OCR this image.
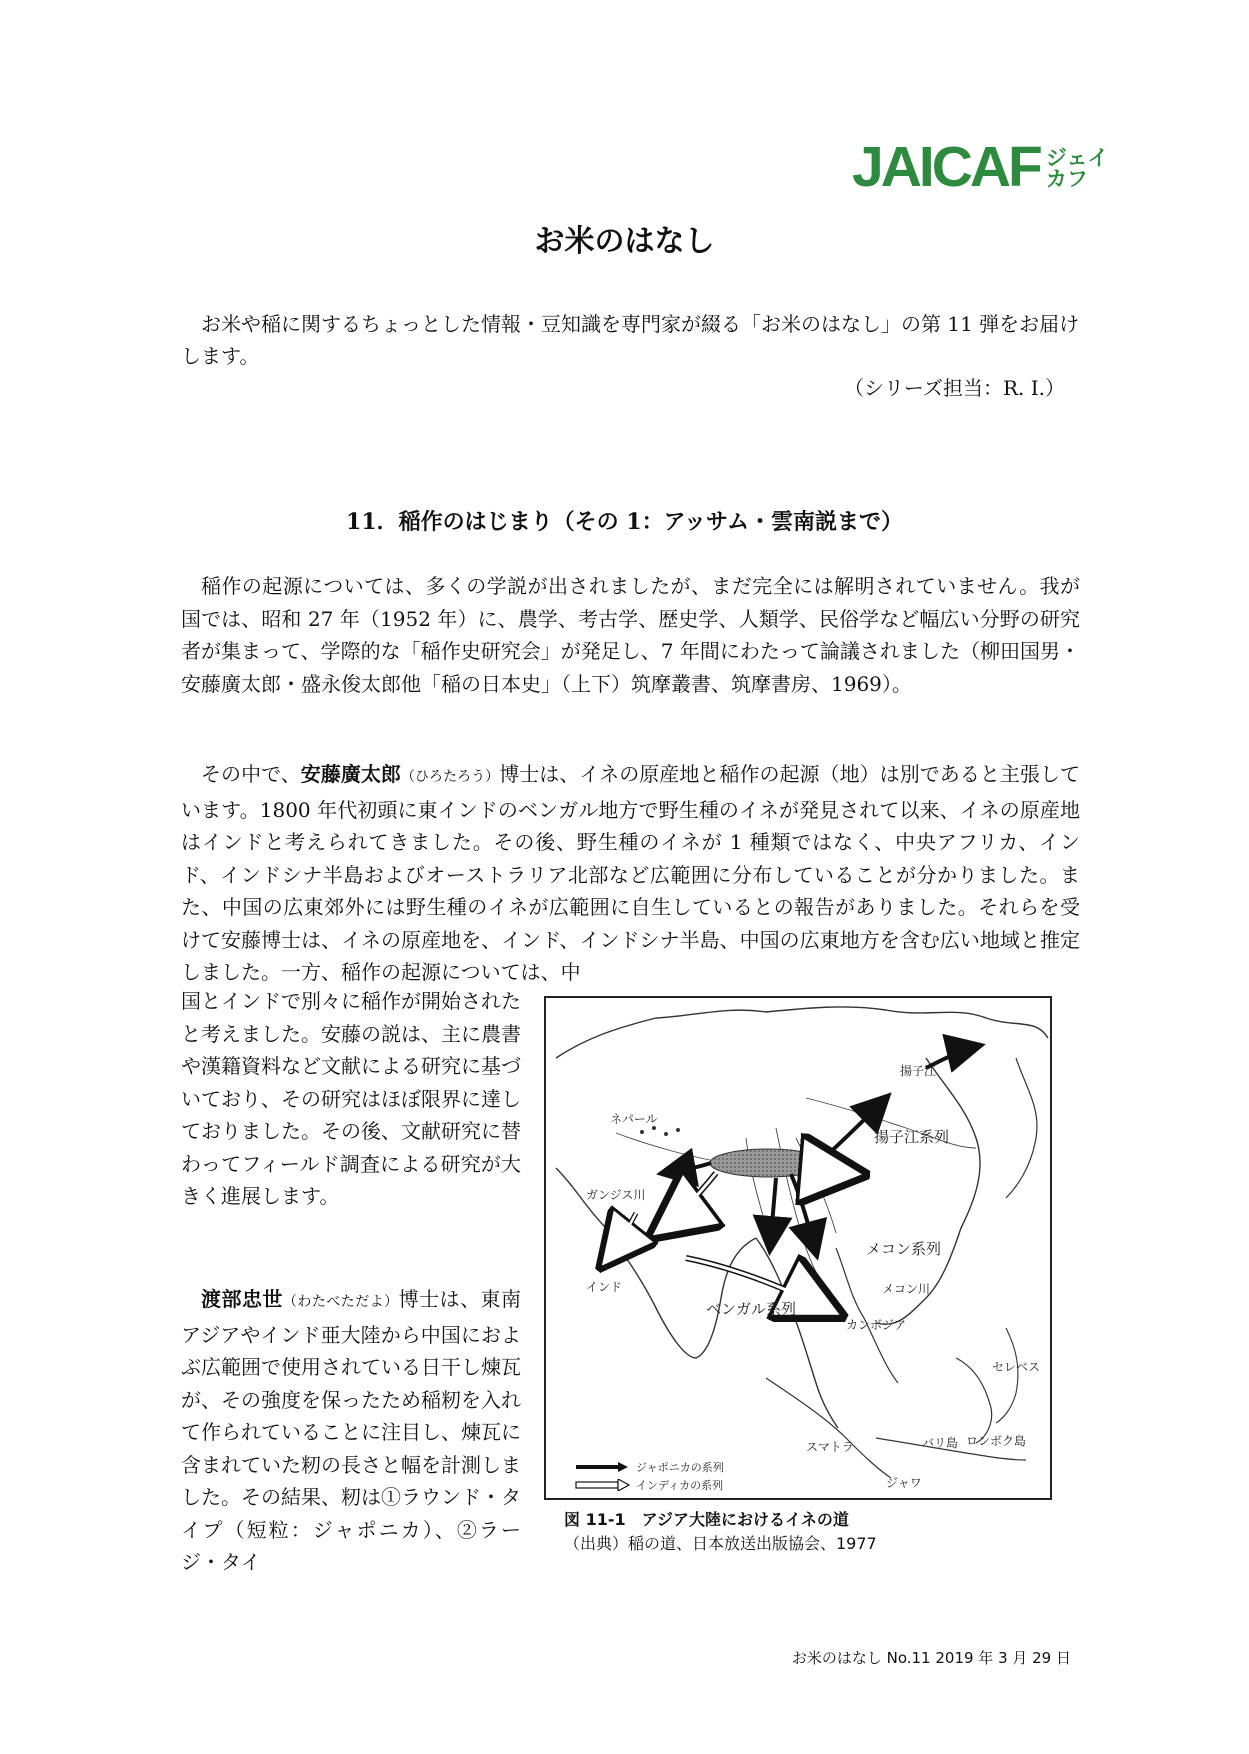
JAICAF ジェイカフ
お米のはなし

お米や稲に関するちょっとした情報・豆知識を専門家が綴る「お米のはなし」の第 11 弾をお届けします。

（シリーズ担当：R. I.）
11．稲作のはじまり（その 1：アッサム・雲南説まで）

稲作の起源については、多くの学説が出されましたが、まだ完全には解明されていません。我が国では、昭和 27 年（1952 年）に、農学、考古学、歴史学、人類学、民俗学など幅広い分野の研究者が集まって、学際的な「稲作史研究会」が発足し、7 年間にわたって論議されました（柳田国男・安藤廣太郎・盛永俊太郎他「稲の日本史」（上下）筑摩叢書、筑摩書房、1969）。

その中で、安藤廣太郎（ひろたろう）博士は、イネの原産地と稲作の起源（地）は別であると主張しています。1800 年代初頭に東インドのベンガル地方で野生種のイネが発見されて以来、イネの原産地はインドと考えられてきました。その後、野生種のイネが 1 種類ではなく、中央アフリカ、インド、インドシナ半島およびオーストラリア北部など広範囲に分布していることが分かりました。また、中国の広東郊外には野生種のイネが広範囲に自生しているとの報告がありました。それらを受けて安藤博士は、イネの原産地を、インド、インドシナ半島、中国の広東地方を含む広い地域と推定しました。一方、稲作の起源については、中

国とインドで別々に稲作が開始されたと考えました。安藤の説は、主に農書や漢籍資料など文献による研究に基づいており、その研究はほぼ限界に達しておりました。その後、文献研究に替わってフィールド調査による研究が大きく進展します。

渡部忠世（わたべただよ）博士は、東南アジアやインド亜大陸から中国におよぶ広範囲で使用されている日干し煉瓦が、その強度を保ったため稲籾を入れて作られていることに注目し、煉瓦に含まれていた籾の長さと幅を計測しました。その結果、籾は①ラウンド・タイプ（短粒：ジャポニカ）、②ラージ・タイ

揚子江
揚子江系列
ネパール
ガンジス川
メコン系列
メコン川
インド
ベンガル系列
カンボジア
セレベス
バリ島 ロンボク島
ジャワ
スマトラ
ジャポニカの系列
インディカの系列
図 11-1　 アジア大陸におけるイネの道
（出典）稲の道、日本放送出版協会、1977
お米のはなし No.11 2019 年 3 月 29 日
